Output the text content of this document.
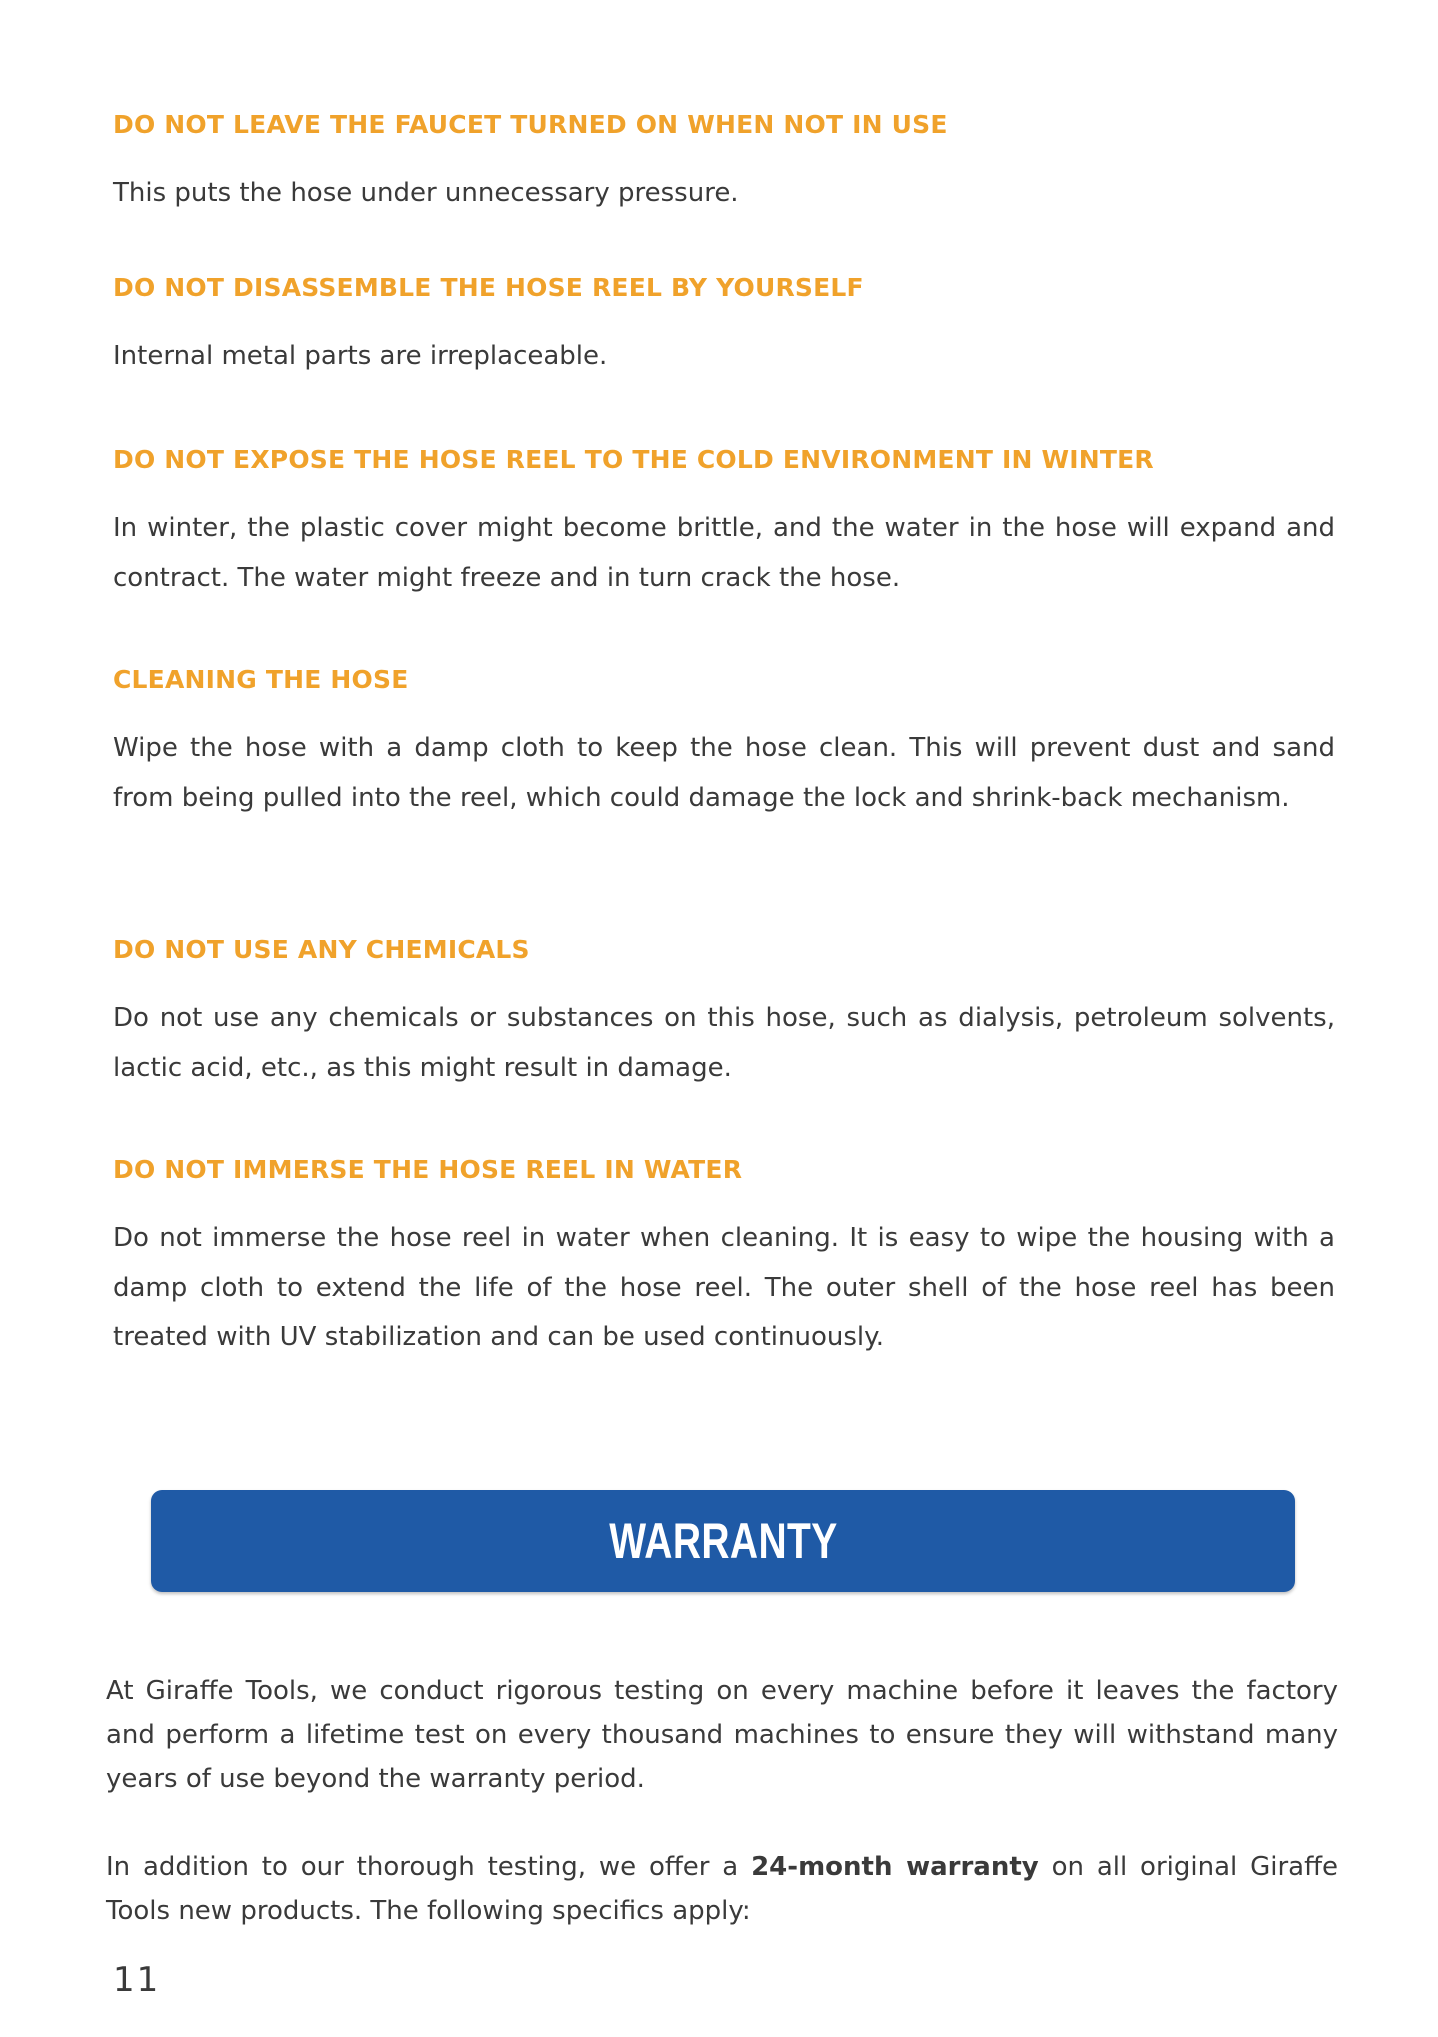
DO NOT LEAVE THE FAUCET TURNED ON WHEN NOT IN USE

This puts the hose under unnecessary pressure.

DO NOT DISASSEMBLE THE HOSE REEL BY YOURSELF

Internal metal parts are irreplaceable.

DO NOT EXPOSE THE HOSE REEL TO THE COLD ENVIRONMENT IN WINTER

In winter, the plastic cover might become brittle, and the water in the hose will expand and contract. The water might freeze and in turn crack the hose.

CLEANING THE HOSE

Wipe the hose with a damp cloth to keep the hose clean. This will prevent dust and sand from being pulled into the reel, which could damage the lock and shrink-back mechanism.

DO NOT USE ANY CHEMICALS

Do not use any chemicals or substances on this hose, such as dialysis, petroleum solvents, lactic acid, etc., as this might result in damage.

DO NOT IMMERSE THE HOSE REEL IN WATER

Do not immerse the hose reel in water when cleaning. It is easy to wipe the housing with a damp cloth to extend the life of the hose reel. The outer shell of the hose reel has been treated with UV stabilization and can be used continuously.

WARRANTY

At Giraffe Tools, we conduct rigorous testing on every machine before it leaves the factory and perform a lifetime test on every thousand machines to ensure they will withstand many years of use beyond the warranty period.

In addition to our thorough testing, we offer a 24-month warranty on all original Giraffe Tools new products. The following specifics apply:

11
